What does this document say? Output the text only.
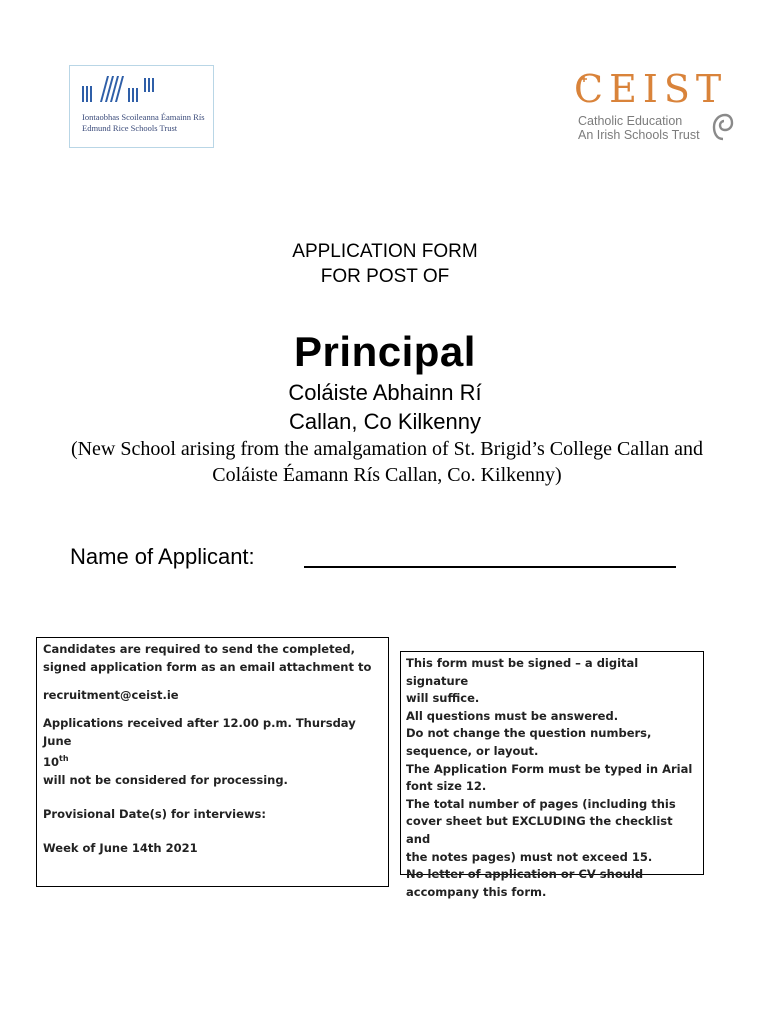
Iontaobhas Scoileanna Éamainn Rís
Edmund Rice Schools Trust
CEIST
Catholic Education
An Irish Schools Trust
APPLICATION FORM
FOR POST OF
Principal
Coláiste Abhainn Rí
Callan, Co Kilkenny
(New School arising from the amalgamation of St. Brigid’s College Callan and Coláiste Éamann Rís Callan, Co. Kilkenny)
Name of Applicant:

Candidates are required to send the completed,

signed application form as an email attachment to

recruitment@ceist.ie

Applications received after 12.00 p.m. Thursday June

10th

will not be considered for processing.

Provisional Date(s) for interviews:

Week of June 14th 2021

This form must be signed – a digital signature

will suffice.

All questions must be answered.

Do not change the question numbers,

sequence, or layout.

The Application Form must be typed in Arial

font size 12.

The total number of pages (including this

cover sheet but EXCLUDING the checklist and

the notes pages) must not exceed 15.

No letter of application or CV should

accompany this form.
